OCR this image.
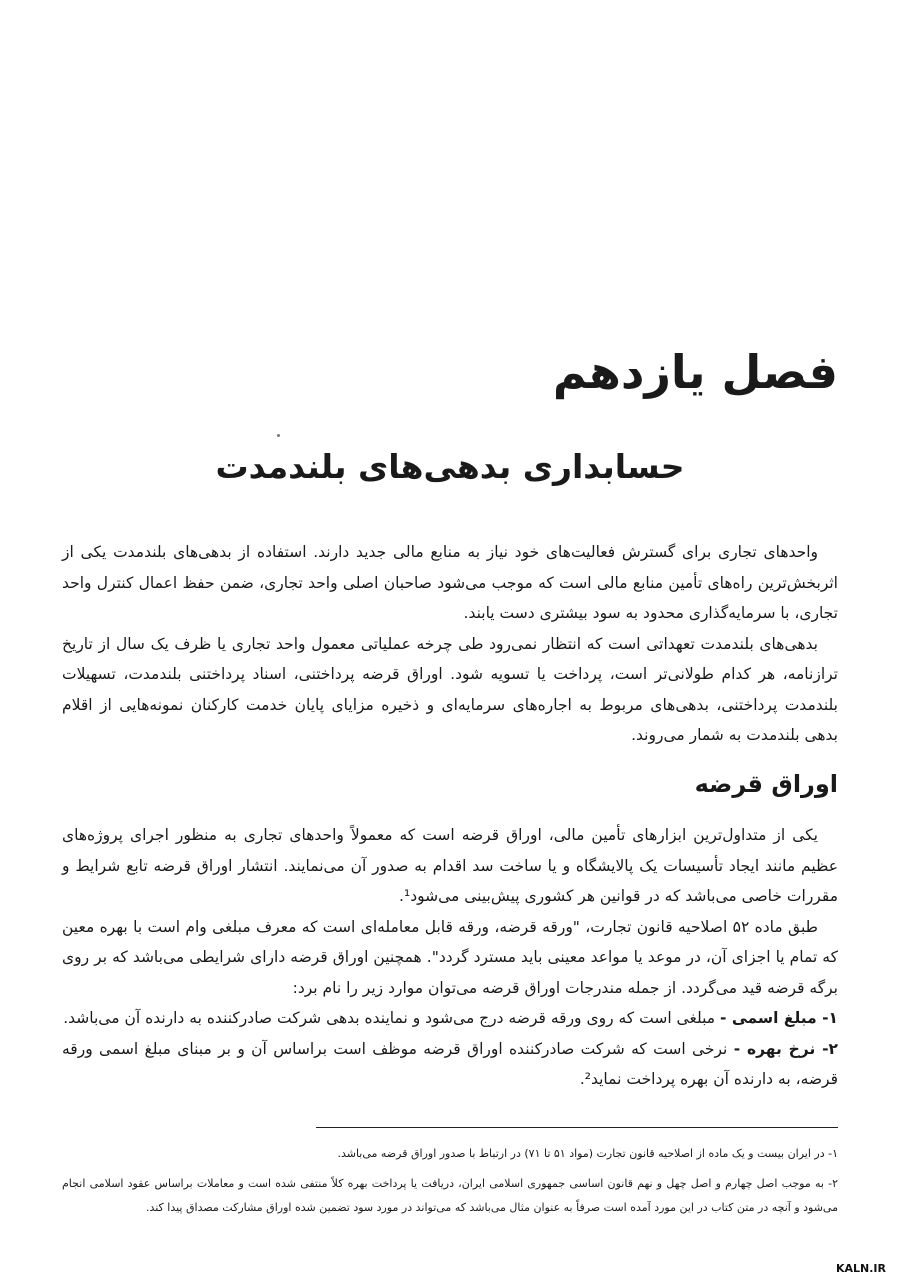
فصل یازدهم
حسابداری بدهی‌های بلندمدت

واحدهای تجاری برای گسترش فعالیت‌های خود نیاز به منابع مالی جدید دارند. استفاده از بدهی‌های بلندمدت یکی از اثربخش‌ترین راه‌های تأمین منابع مالی است که موجب می‌شود صاحبان اصلی واحد تجاری، ضمن حفظ اعمال کنترل واحد تجاری، با سرمایه‌گذاری محدود به سود بیشتری دست یابند.

بدهی‌های بلندمدت تعهداتی است که انتظار نمی‌رود طی چرخه عملیاتی معمول واحد تجاری یا ظرف یک سال از تاریخ ترازنامه، هر کدام طولانی‌تر است، پرداخت یا تسویه شود. اوراق قرضه پرداختنی، اسناد پرداختنی بلندمدت، تسهیلات بلندمدت پرداختنی، بدهی‌های مربوط به اجاره‌های سرمایه‌ای و ذخیره مزایای پایان خدمت کارکنان نمونه‌هایی از اقلام بدهی بلندمدت به شمار می‌روند.

اوراق قرضه

یکی از متداول‌ترین ابزارهای تأمین مالی، اوراق قرضه است که معمولاً واحدهای تجاری به منظور اجرای پروژه‌های عظیم مانند ایجاد تأسیسات یک پالایشگاه و یا ساخت سد اقدام به صدور آن می‌نمایند. انتشار اوراق قرضه تابع شرایط و مقررات خاصی می‌باشد که در قوانین هر کشوری پیش‌بینی می‌شود¹.

طبق ماده ۵۲ اصلاحیه قانون تجارت، "ورقه قرضه، ورقه قابل معامله‌ای است که معرف مبلغی وام است با بهره معین که تمام یا اجزای آن، در موعد یا مواعد معینی باید مسترد گردد". همچنین اوراق قرضه دارای شرایطی می‌باشد که بر روی برگه قرضه قید می‌گردد. از جمله مندرجات اوراق قرضه می‌توان موارد زیر را نام برد:

۱- مبلغ اسمی - مبلغی است که روی ورقه قرضه درج می‌شود و نماینده بدهی شرکت صادرکننده به دارنده آن می‌باشد.

۲- نرخ بهره - نرخی است که شرکت صادرکننده اوراق قرضه موظف است براساس آن و بر مبنای مبلغ اسمی ورقه قرضه، به دارنده آن بهره پرداخت نماید².

۱- در ایران بیست و یک ماده از اصلاحیه قانون تجارت (مواد ۵۱ تا ۷۱) در ارتباط با صدور اوراق قرضه می‌باشد.

۲- به موجب اصل چهارم و اصل چهل و نهم قانون اساسی جمهوری اسلامی ایران، دریافت یا پرداخت بهره کلاً منتفی شده است و معاملات براساس عقود اسلامی انجام می‌شود و آنچه در متن کتاب در این مورد آمده است صرفاً به عنوان مثال می‌باشد که می‌تواند در مورد سود تضمین شده اوراق مشارکت مصداق پیدا کند.

KALN.IR
